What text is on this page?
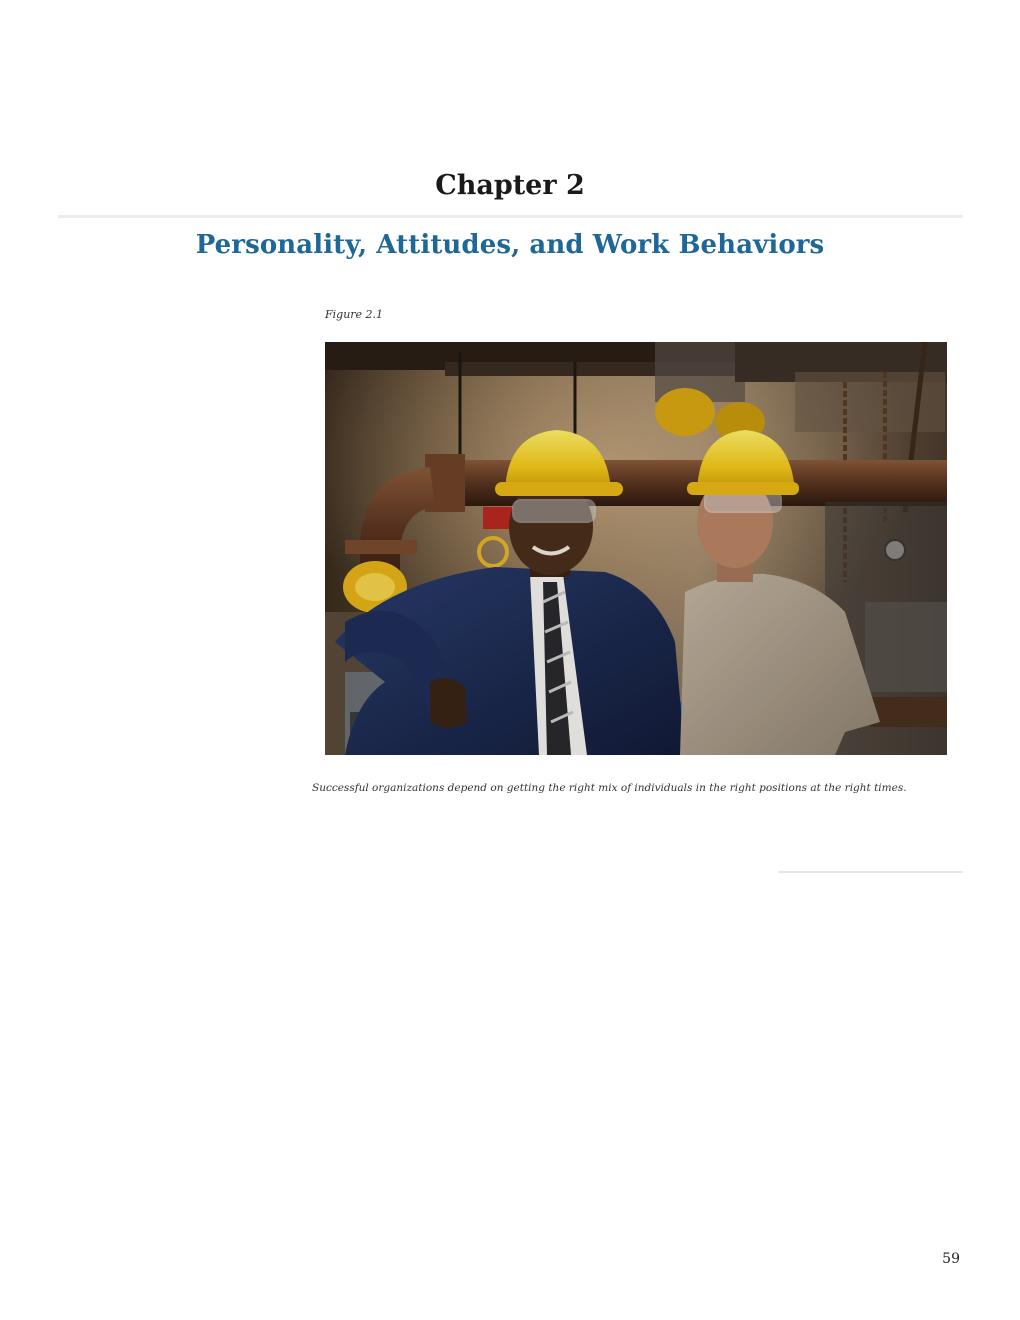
Chapter 2
Personality, Attitudes, and Work Behaviors
Figure 2.1
Successful organizations depend on getting the right mix of individuals in the right positions at the right times.
59
